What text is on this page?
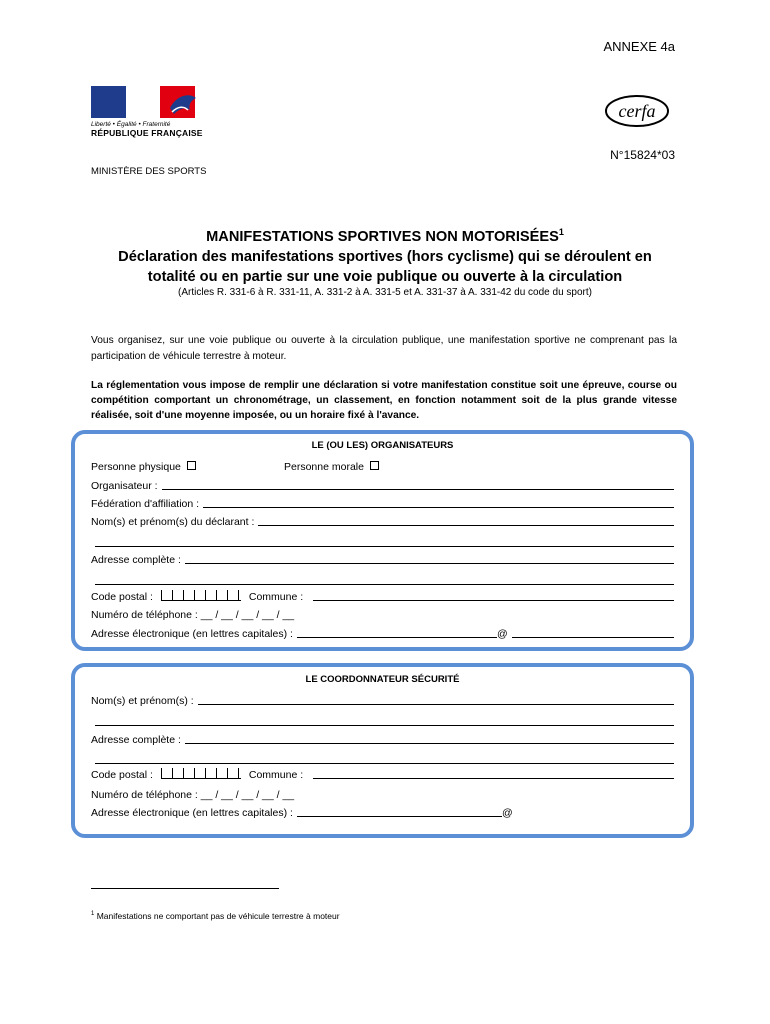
ANNEXE 4a
Liberté • Égalité • Fraternité
RÉPUBLIQUE FRANÇAISE
MINISTÈRE DES SPORTS
cerfa
N°15824*03
MANIFESTATIONS SPORTIVES NON MOTORISÉES$^1$
Déclaration des manifestations sportives (hors cyclisme) qui se déroulent en
totalité ou en partie sur une voie publique ou ouverte à la circulation
(Articles R. 331-6 à R. 331-11, A. 331-2 à A. 331-5 et A. 331-37 à A. 331-42 du code du sport)
Vous organisez, sur une voie publique ou ouverte à la circulation publique, une manifestation sportive ne comprenant pas la participation de véhicule terrestre à moteur.
La réglementation vous impose de remplir une déclaration si votre manifestation constitue soit une épreuve, course ou compétition comportant un chronométrage, un classement, en fonction notamment soit de la plus grande vitesse réalisée, soit d'une moyenne imposée, ou un horaire fixé à l'avance.
LE (OU LES) ORGANISATEURS
Personne physique	Personne morale
Organisateur :
Fédération d'affiliation :
Nom(s) et prénom(s) du déclarant :
Adresse complète :
Code postal :	Commune :
Numéro de téléphone : __ / __ / __ / __ / __
Adresse électronique (en lettres capitales) :	@
LE COORDONNATEUR SÉCURITÉ
Nom(s) et prénom(s) :
Adresse complète :
Code postal :	Commune :
Numéro de téléphone : __ / __ / __ / __ / __
Adresse électronique (en lettres capitales) :	@
$^1$ Manifestations ne comportant pas de véhicule terrestre à moteur
